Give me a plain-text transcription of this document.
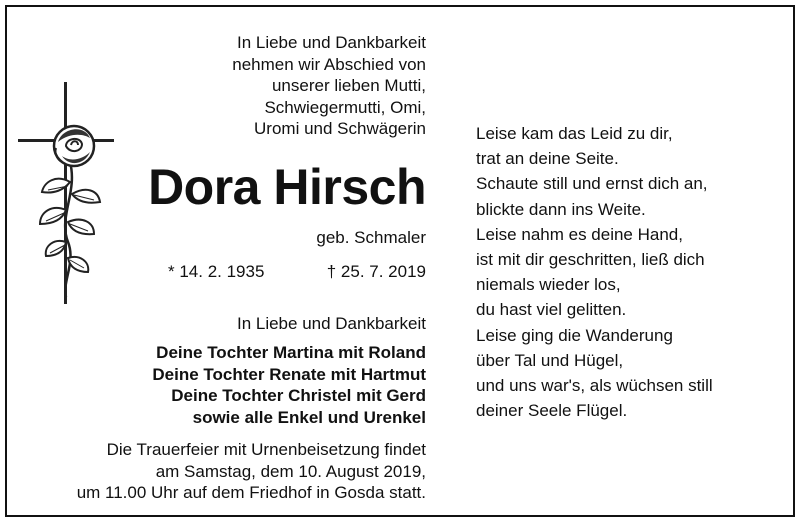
In Liebe und Dankbarkeit
nehmen wir Abschied von
unserer lieben Mutti,
Schwiegermutti, Omi,
Uromi und Schwägerin
Dora Hirsch
geb. Schmaler
* 14. 2. 1935	† 25. 7. 2019
In Liebe und Dankbarkeit
Deine Tochter Martina mit Roland
Deine Tochter Renate mit Hartmut
Deine Tochter Christel mit Gerd
sowie alle Enkel und Urenkel
Die Trauerfeier mit Urnenbeisetzung findet
am Samstag, dem 10. August 2019,
um 11.00 Uhr auf dem Friedhof in Gosda statt.
Leise kam das Leid zu dir,
trat an deine Seite.
Schaute still und ernst dich an,
blickte dann ins Weite.
Leise nahm es deine Hand,
ist mit dir geschritten, ließ dich
niemals wieder los,
du hast viel gelitten.
Leise ging die Wanderung
über Tal und Hügel,
und uns war's, als wüchsen still
deiner Seele Flügel.
